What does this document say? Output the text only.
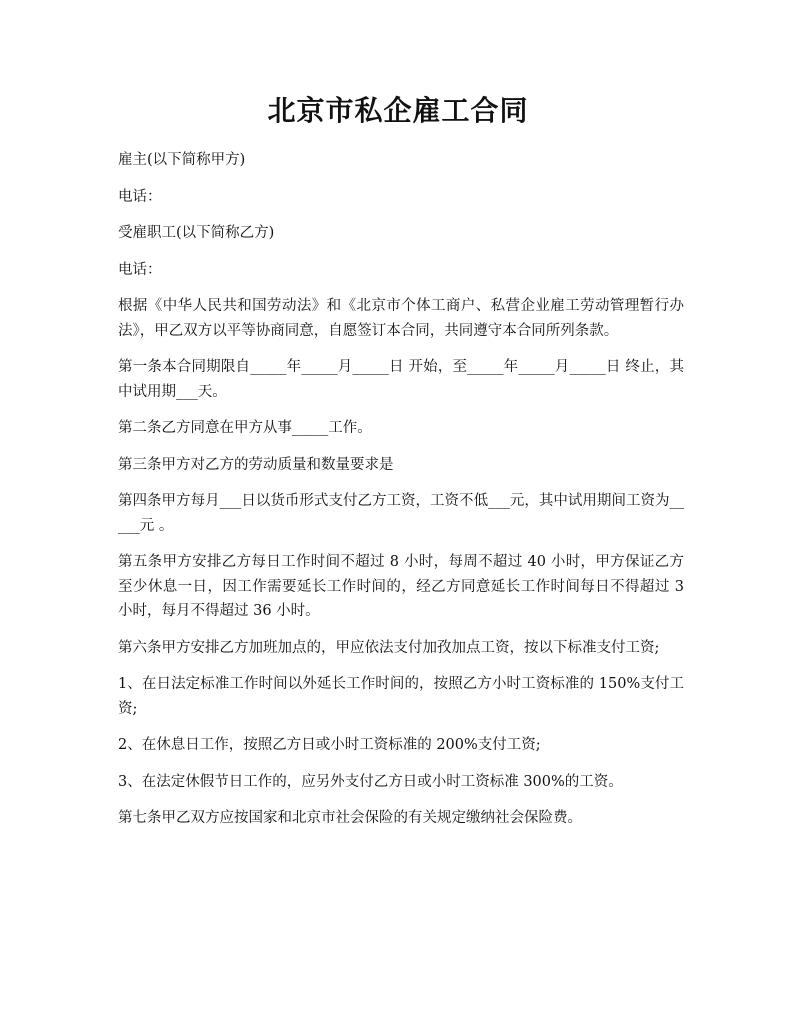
北京市私企雇工合同

雇主(以下简称甲方)

电话：

受雇职工(以下简称乙方)

电话：

根据《中华人民共和国劳动法》和《北京市个体工商户、私营企业雇工劳动管理暂行办法》，甲乙双方以平等协商同意，自愿签订本合同，共同遵守本合同所列条款。

第一条本合同期限自_____年_____月_____日 开始，至_____年_____月_____日 终止，其中试用期___天。

第二条乙方同意在甲方从事_____工作。

第三条甲方对乙方的劳动质量和数量要求是

第四条甲方每月___日以货币形式支付乙方工资，工资不低___元，其中试用期间工资为_____元 。

第五条甲方安排乙方每日工作时间不超过 8 小时，每周不超过 40 小时，甲方保证乙方至少休息一日，因工作需要延长工作时间的，经乙方同意延长工作时间每日不得超过 3 小时，每月不得超过 36 小时。

第六条甲方安排乙方加班加点的，甲应依法支付加孜加点工资，按以下标准支付工资;

1、在日法定标准工作时间以外延长工作时间的，按照乙方小时工资标准的 150%支付工资;

2、在休息日工作，按照乙方日或小时工资标准的 200%支付工资;

3、在法定休假节日工作的，应另外支付乙方日或小时工资标准 300%的工资。

第七条甲乙双方应按国家和北京市社会保险的有关规定缴纳社会保险费。
